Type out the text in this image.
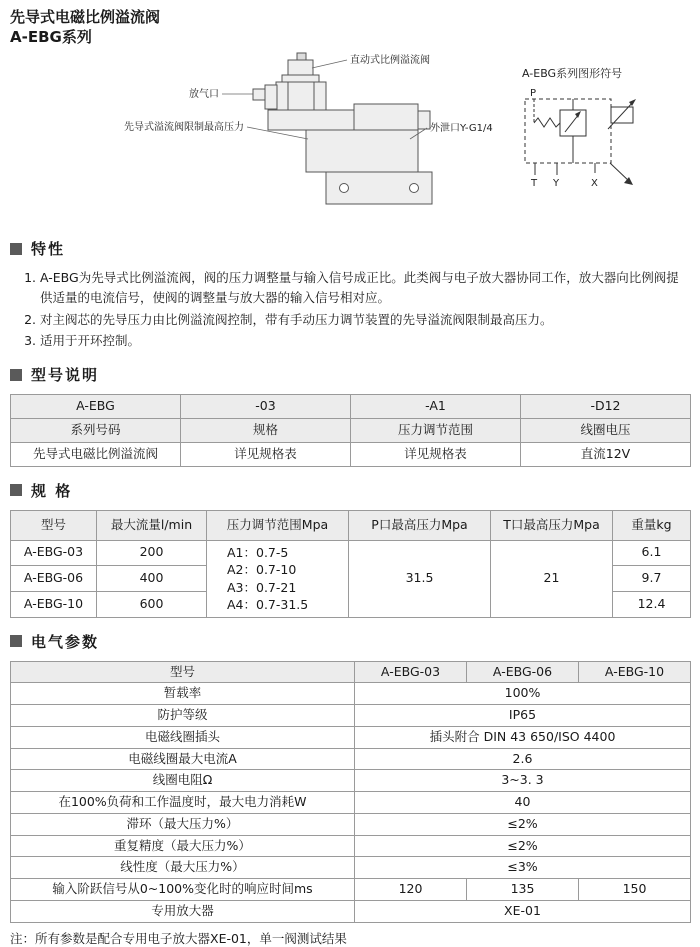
先导式电磁比例溢流阀
A-EBG系列
直动式比例溢流阀
放气口
先导式溢流阀限制最高压力	外泄口Y-G1/4
A-EBG系列图形符号
P
T Y	X
特性
1. A-EBG为先导式比例溢流阀，阀的压力调整量与输入信号成正比。此类阀与电子放大器协同工作，放大器向比例阀提供适量的电流信号，使阀的调整量与放大器的输入信号相对应。
2. 对主阀芯的先导压力由比例溢流阀控制，带有手动压力调节装置的先导溢流阀限制最高压力。
3. 适用于开环控制。
型号说明
A-EBG	-03	-A1	-D12
系列号码	规格	压力调节范围	线圈电压
先导式电磁比例溢流阀	详见规格表	详见规格表	直流12V
规 格
型号	最大流量l/min	压力调节范围Mpa	P口最高压力Mpa	T口最高压力Mpa	重量kg
A-EBG-03	200	A1：0.7-5
A2：0.7-10
A3：0.7-21
A4：0.7-31.5	31.5	21	6.1
A-EBG-06	400				9.7
A-EBG-10	600				12.4
电气参数
型号	A-EBG-03	A-EBG-06	A-EBG-10
暂载率	100%		
防护等级	IP65		
电磁线圈插头	插头附合 DIN 43 650/ISO 4400		
电磁线圈最大电流A	2.6		
线圈电阻Ω	3~3. 3		
在100%负荷和工作温度时，最大电力消耗W	40		
滞环（最大压力%）	≤2%		
重复精度（最大压力%）	≤2%		
线性度（最大压力%）	≤3%		
输入阶跃信号从0~100%变化时的响应时间ms	120	135	150
专用放大器	XE-01		
注：所有参数是配合专用电子放大器XE-01，单一阀测试结果
